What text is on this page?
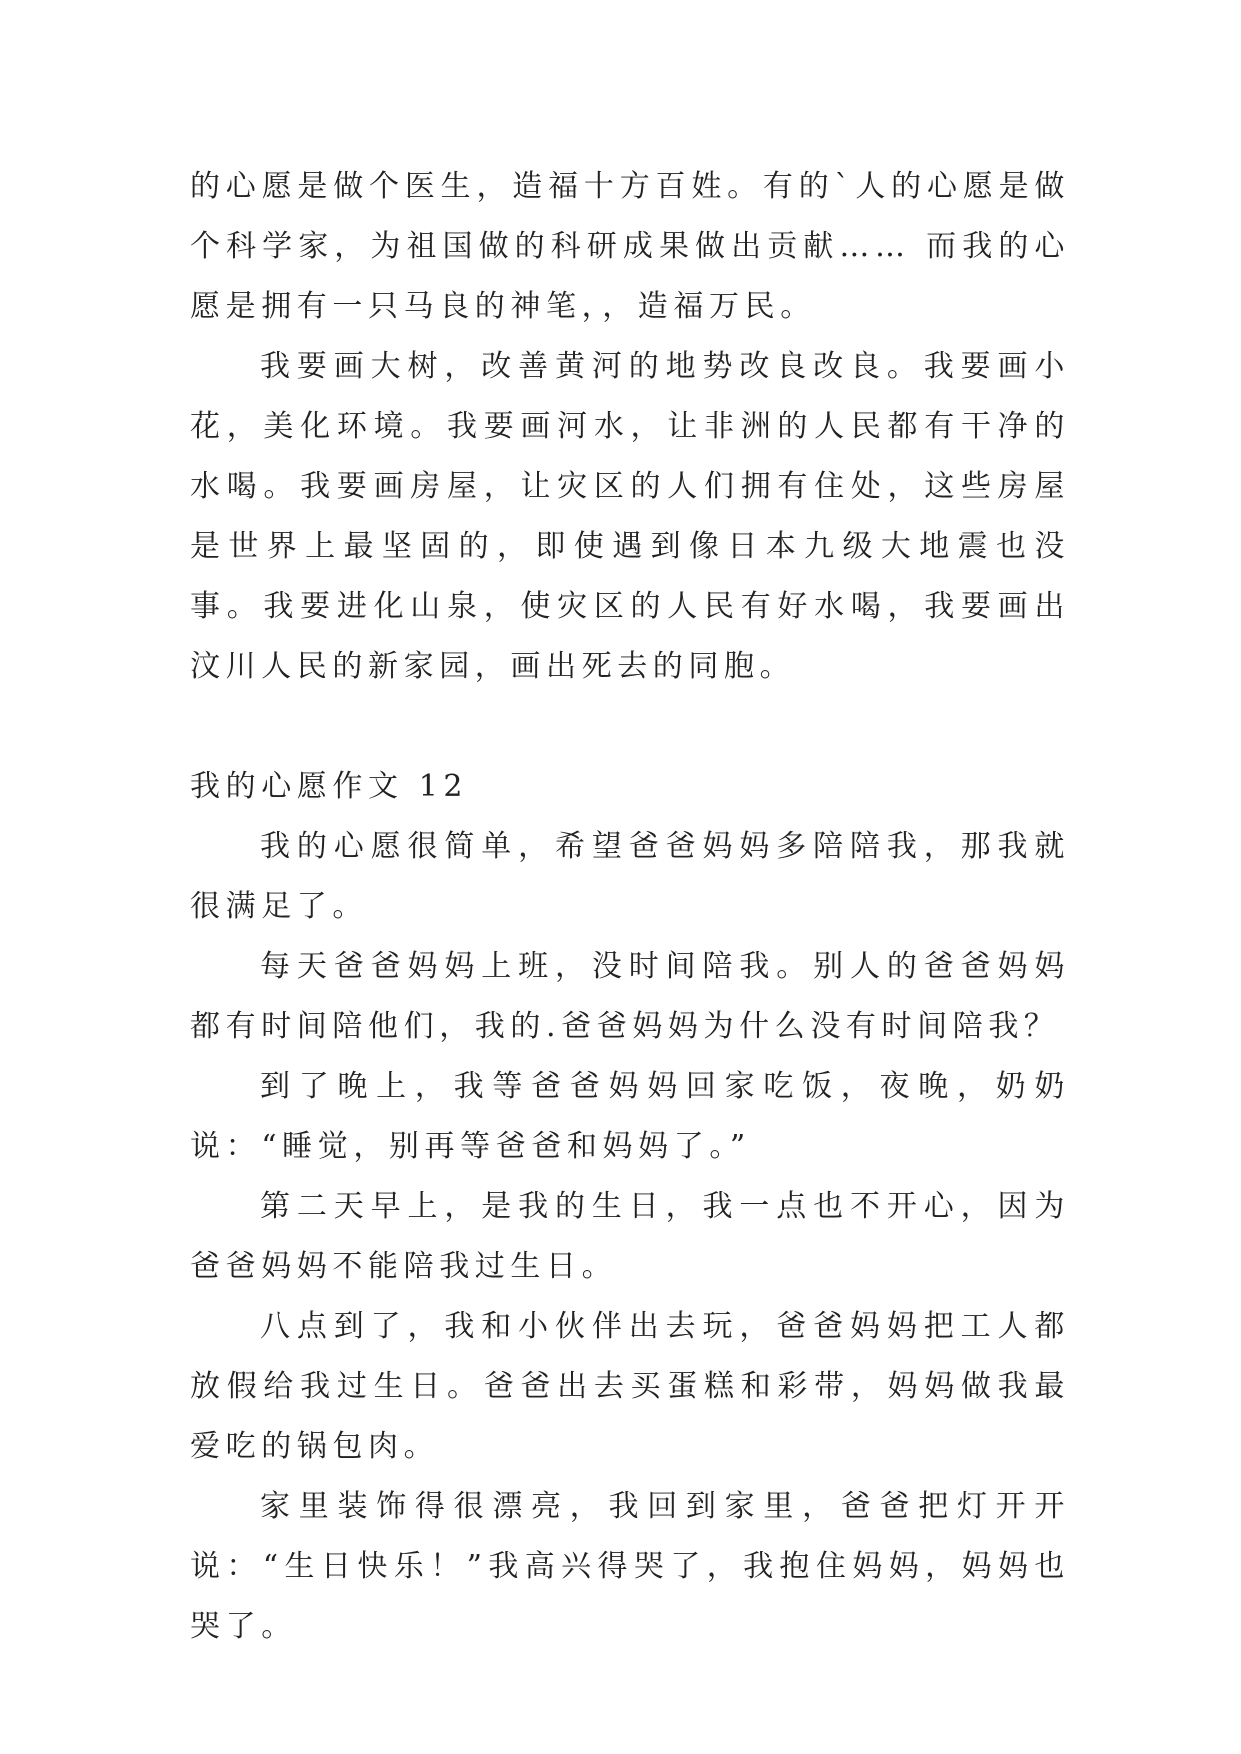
的心愿是做个医生，造福十方百姓。有的`人的心愿是做个科学家，为祖国做的科研成果做出贡献…… 而我的心愿是拥有一只马良的神笔，，造福万民。

我要画大树，改善黄河的地势改良改良。我要画小花，美化环境。我要画河水，让非洲的人民都有干净的水喝。我要画房屋，让灾区的人们拥有住处，这些房屋是世界上最坚固的，即使遇到像日本九级大地震也没事。我要进化山泉，使灾区的人民有好水喝，我要画出汶川人民的新家园，画出死去的同胞。

我的心愿作文 12

我的心愿很简单，希望爸爸妈妈多陪陪我，那我就很满足了。

每天爸爸妈妈上班，没时间陪我。别人的爸爸妈妈都有时间陪他们，我的.爸爸妈妈为什么没有时间陪我？

到了晚上，我等爸爸妈妈回家吃饭，夜晚，奶奶说：“睡觉，别再等爸爸和妈妈了。”

第二天早上，是我的生日，我一点也不开心，因为爸爸妈妈不能陪我过生日。

八点到了，我和小伙伴出去玩，爸爸妈妈把工人都放假给我过生日。爸爸出去买蛋糕和彩带，妈妈做我最爱吃的锅包肉。

家里装饰得很漂亮，我回到家里，爸爸把灯开开说：“生日快乐！”我高兴得哭了，我抱住妈妈，妈妈也哭了。
